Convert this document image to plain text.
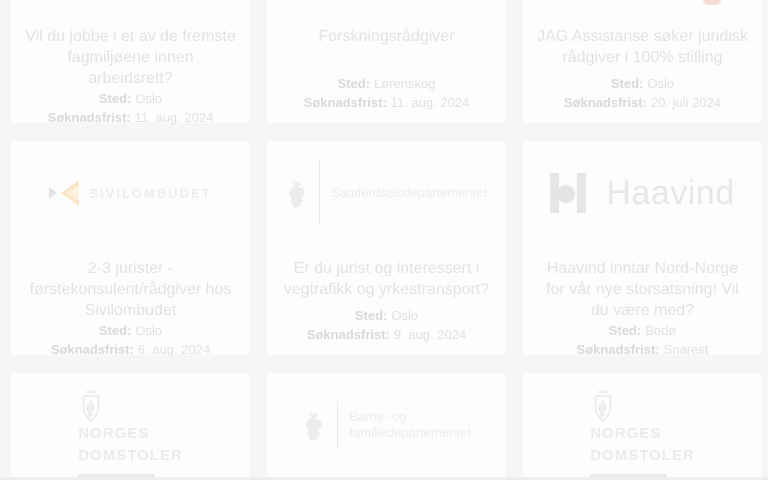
Vil du jobbe i et av de fremste fagmiljøene innen arbeidsrett?

Sted: Oslo

Søknadsfrist: 11. aug. 2024

Forskningsrådgiver

Sted: Lørenskog

Søknadsfrist: 11. aug. 2024

JAG Assistanse søker juridisk rådgiver i 100% stilling

Sted: Oslo

Søknadsfrist: 20. juli 2024

SIVILOMBUDET
2-3 jurister - førstekonsulent/rådgiver hos Sivilombudet

Sted: Oslo

Søknadsfrist: 6. aug. 2024

Samferdselsdepartementet
Er du jurist og interessert i vegtrafikk og yrkestransport?

Sted: Oslo

Søknadsfrist: 9. aug. 2024

Haavind
Haavind inntar Nord-Norge for vår nye storsatsning! Vil du være med?

Sted: Bodø

Søknadsfrist: Snarest

NORGES
DOMSTOLER
Barne- og
familiedepartementet	NORGES
DOMSTOLER
